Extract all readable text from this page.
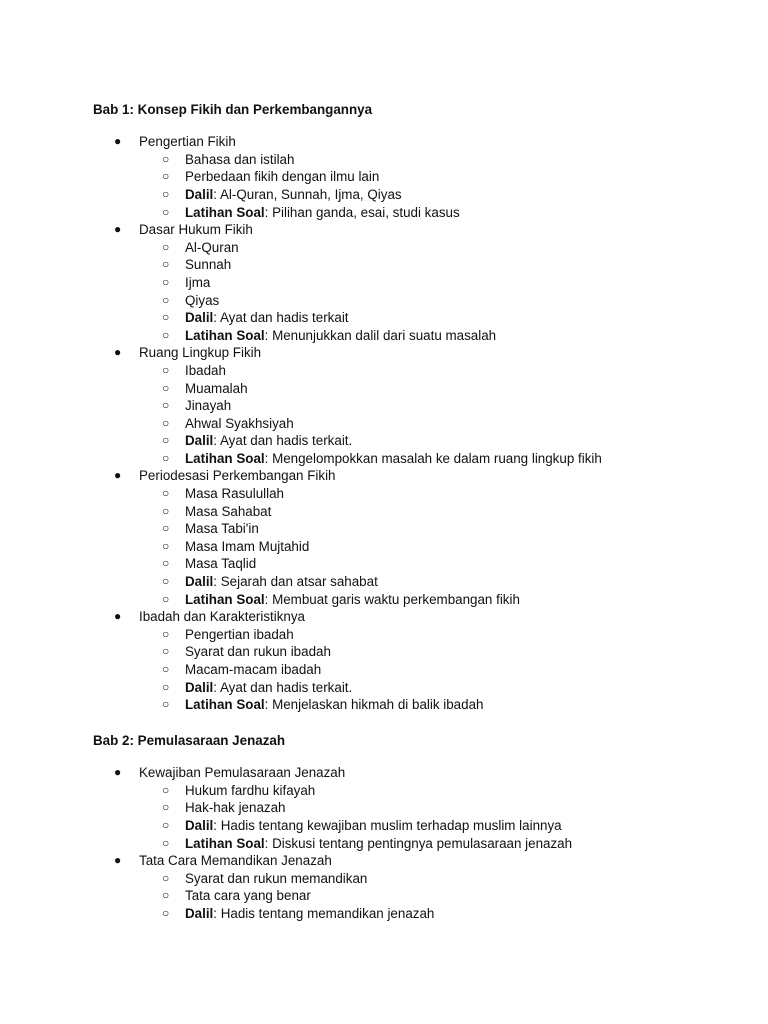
Bab 1: Konsep Fikih dan Perkembangannya
● Pengertian Fikih
○ Bahasa dan istilah
○ Perbedaan fikih dengan ilmu lain
○ Dalil: Al-Quran, Sunnah, Ijma, Qiyas
○ Latihan Soal: Pilihan ganda, esai, studi kasus
● Dasar Hukum Fikih
○ Al-Quran
○ Sunnah
○ Ijma
○ Qiyas
○ Dalil: Ayat dan hadis terkait
○ Latihan Soal: Menunjukkan dalil dari suatu masalah
● Ruang Lingkup Fikih
○ Ibadah
○ Muamalah
○ Jinayah
○ Ahwal Syakhsiyah
○ Dalil: Ayat dan hadis terkait.
○ Latihan Soal: Mengelompokkan masalah ke dalam ruang lingkup fikih
● Periodesasi Perkembangan Fikih
○ Masa Rasulullah
○ Masa Sahabat
○ Masa Tabi'in
○ Masa Imam Mujtahid
○ Masa Taqlid
○ Dalil: Sejarah dan atsar sahabat
○ Latihan Soal: Membuat garis waktu perkembangan fikih
● Ibadah dan Karakteristiknya
○ Pengertian ibadah
○ Syarat dan rukun ibadah
○ Macam-macam ibadah
○ Dalil: Ayat dan hadis terkait.
○ Latihan Soal: Menjelaskan hikmah di balik ibadah
Bab 2: Pemulasaraan Jenazah
● Kewajiban Pemulasaraan Jenazah
○ Hukum fardhu kifayah
○ Hak-hak jenazah
○ Dalil: Hadis tentang kewajiban muslim terhadap muslim lainnya
○ Latihan Soal: Diskusi tentang pentingnya pemulasaraan jenazah
● Tata Cara Memandikan Jenazah
○ Syarat dan rukun memandikan
○ Tata cara yang benar
○ Dalil: Hadis tentang memandikan jenazah
